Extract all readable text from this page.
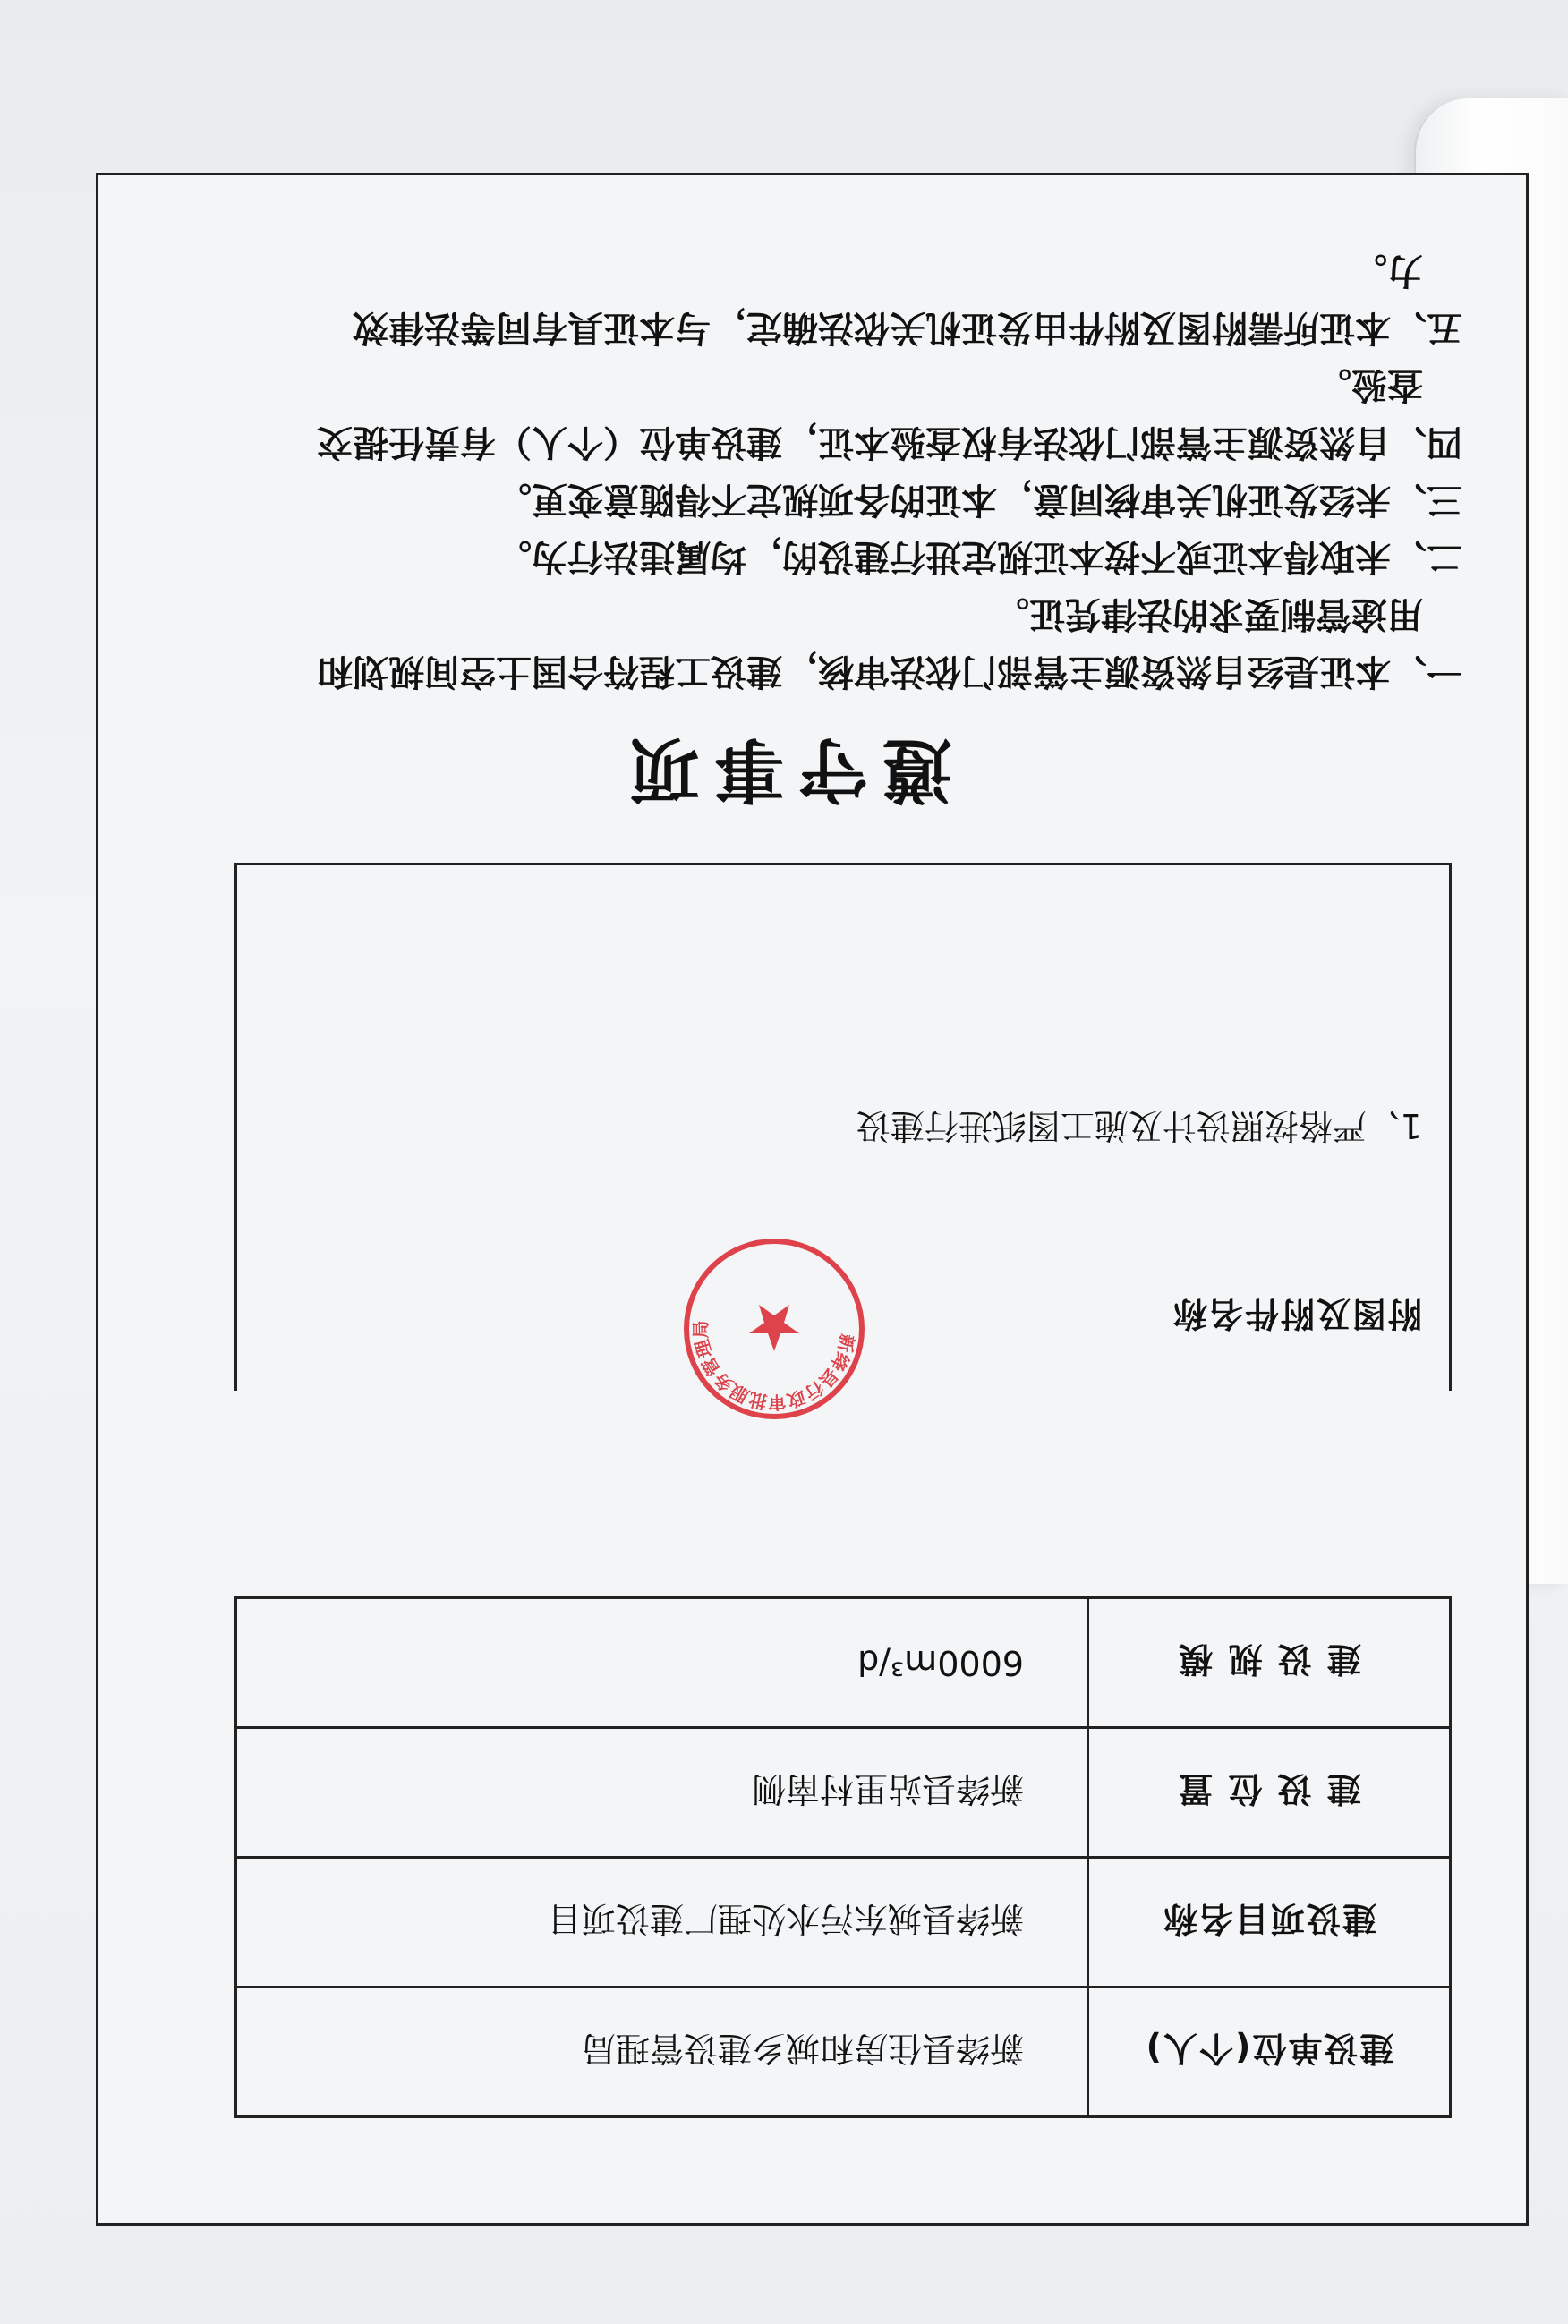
建设单位(个人)	新绛县住房和城乡建设管理局
建设项目名称	新绛县城东污水处理厂建设项目
建 设 位 置	新绛县站里村南侧
建 设 规 模	6000m³/d
附图及附件名称
1、严格按照设计及施工图纸进行建设
遵守事项

一、本证是经自然资源主管部门依法审核，建设工程符合国土空间规划和用途管制要求的法律凭证。

二、未取得本证或不按本证规定进行建设的，均属违法行为。

三、未经发证机关审核同意，本证的各项规定不得随意变更。

四、自然资源主管部门依法有权查验本证，建设单位（个人）有责任提交查验。

五、本证所需附图及附件由发证机关依法确定，与本证具有同等法律效力。

新绛县行政审批服务管理局
